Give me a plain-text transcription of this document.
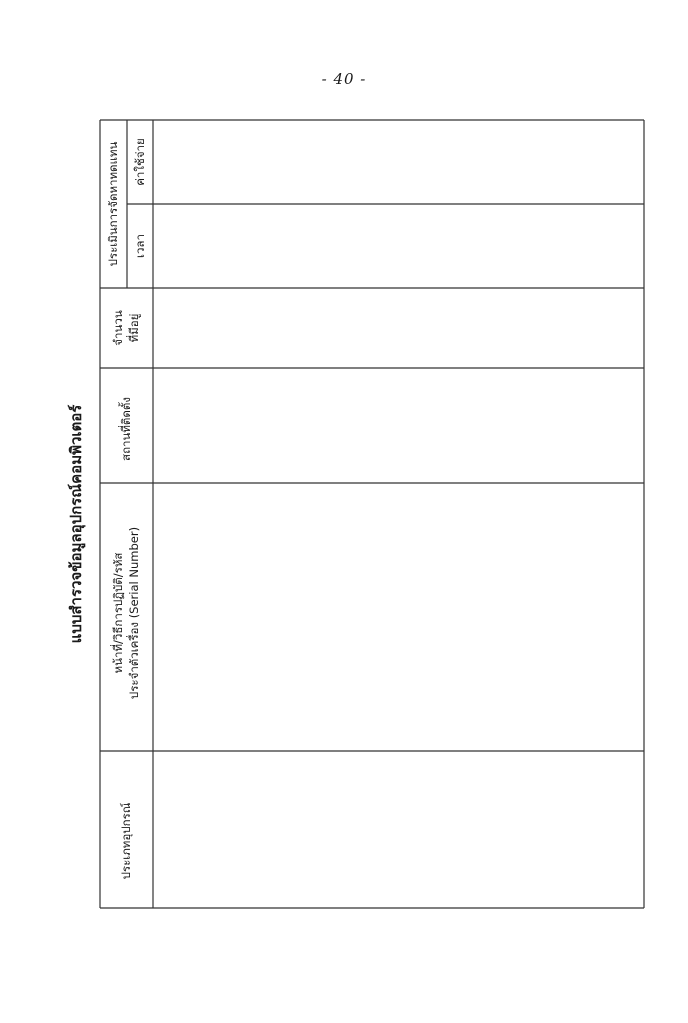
- 40 -
แบบสำรวจข้อมูลอุปกรณ์คอมพิวเตอร์
ประเภทอุปกรณ์
หน้าที่/วิธีการปฏิบัติ/รหัส ประจำตัวเครื่อง (Serial Number)
สถานที่ติดตั้ง
จำนวน ที่มีอยู่
ประเมินการจัดหาทดแทน เวลา
ค่าใช้จ่าย
